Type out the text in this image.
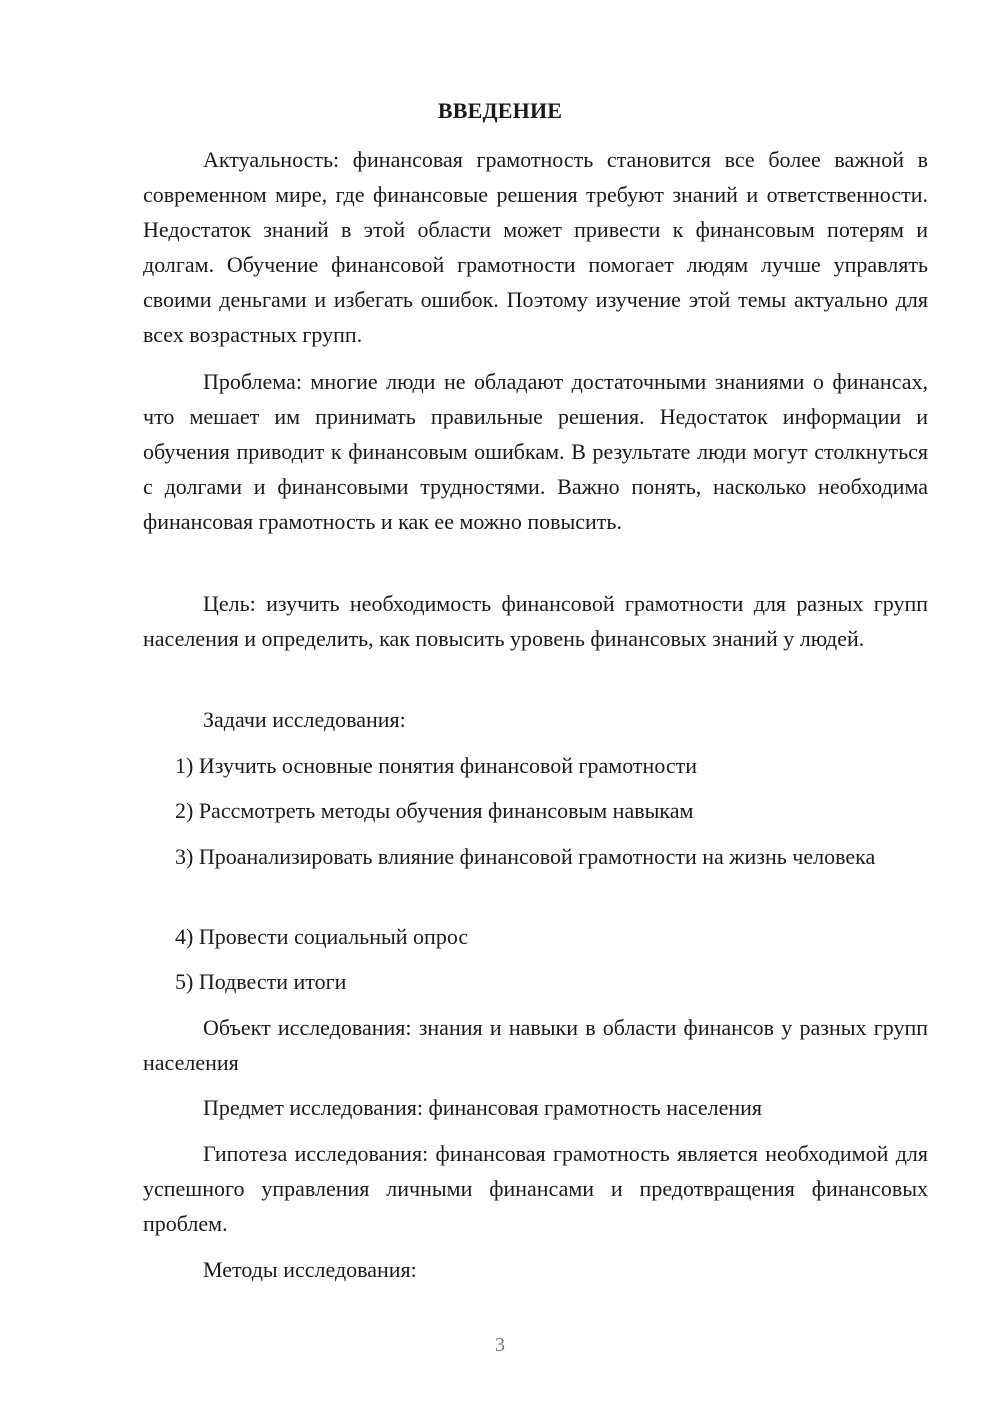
ВВЕДЕНИЕ

Актуальность: финансовая грамотность становится все более важной в современном мире, где финансовые решения требуют знаний и ответственности. Недостаток знаний в этой области может привести к финансовым потерям и долгам. Обучение финансовой грамотности помогает людям лучше управлять своими деньгами и избегать ошибок. Поэтому изучение этой темы актуально для всех возрастных групп.

Проблема: многие люди не обладают достаточными знаниями о финансах, что мешает им принимать правильные решения. Недостаток информации и обучения приводит к финансовым ошибкам. В результате люди могут столкнуться с долгами и финансовыми трудностями. Важно понять, насколько необходима финансовая грамотность и как ее можно повысить.

Цель: изучить необходимость финансовой грамотности для разных групп населения и определить, как повысить уровень финансовых знаний у людей.

Задачи исследования:

1) Изучить основные понятия финансовой грамотности

2) Рассмотреть методы обучения финансовым навыкам

3) Проанализировать влияние финансовой грамотности на жизнь человека

4) Провести социальный опрос

5) Подвести итоги

Объект исследования: знания и навыки в области финансов у разных групп населения

Предмет исследования: финансовая грамотность населения

Гипотеза исследования: финансовая грамотность является необходимой для успешного управления личными финансами и предотвращения финансовых проблем.

Методы исследования:

3
